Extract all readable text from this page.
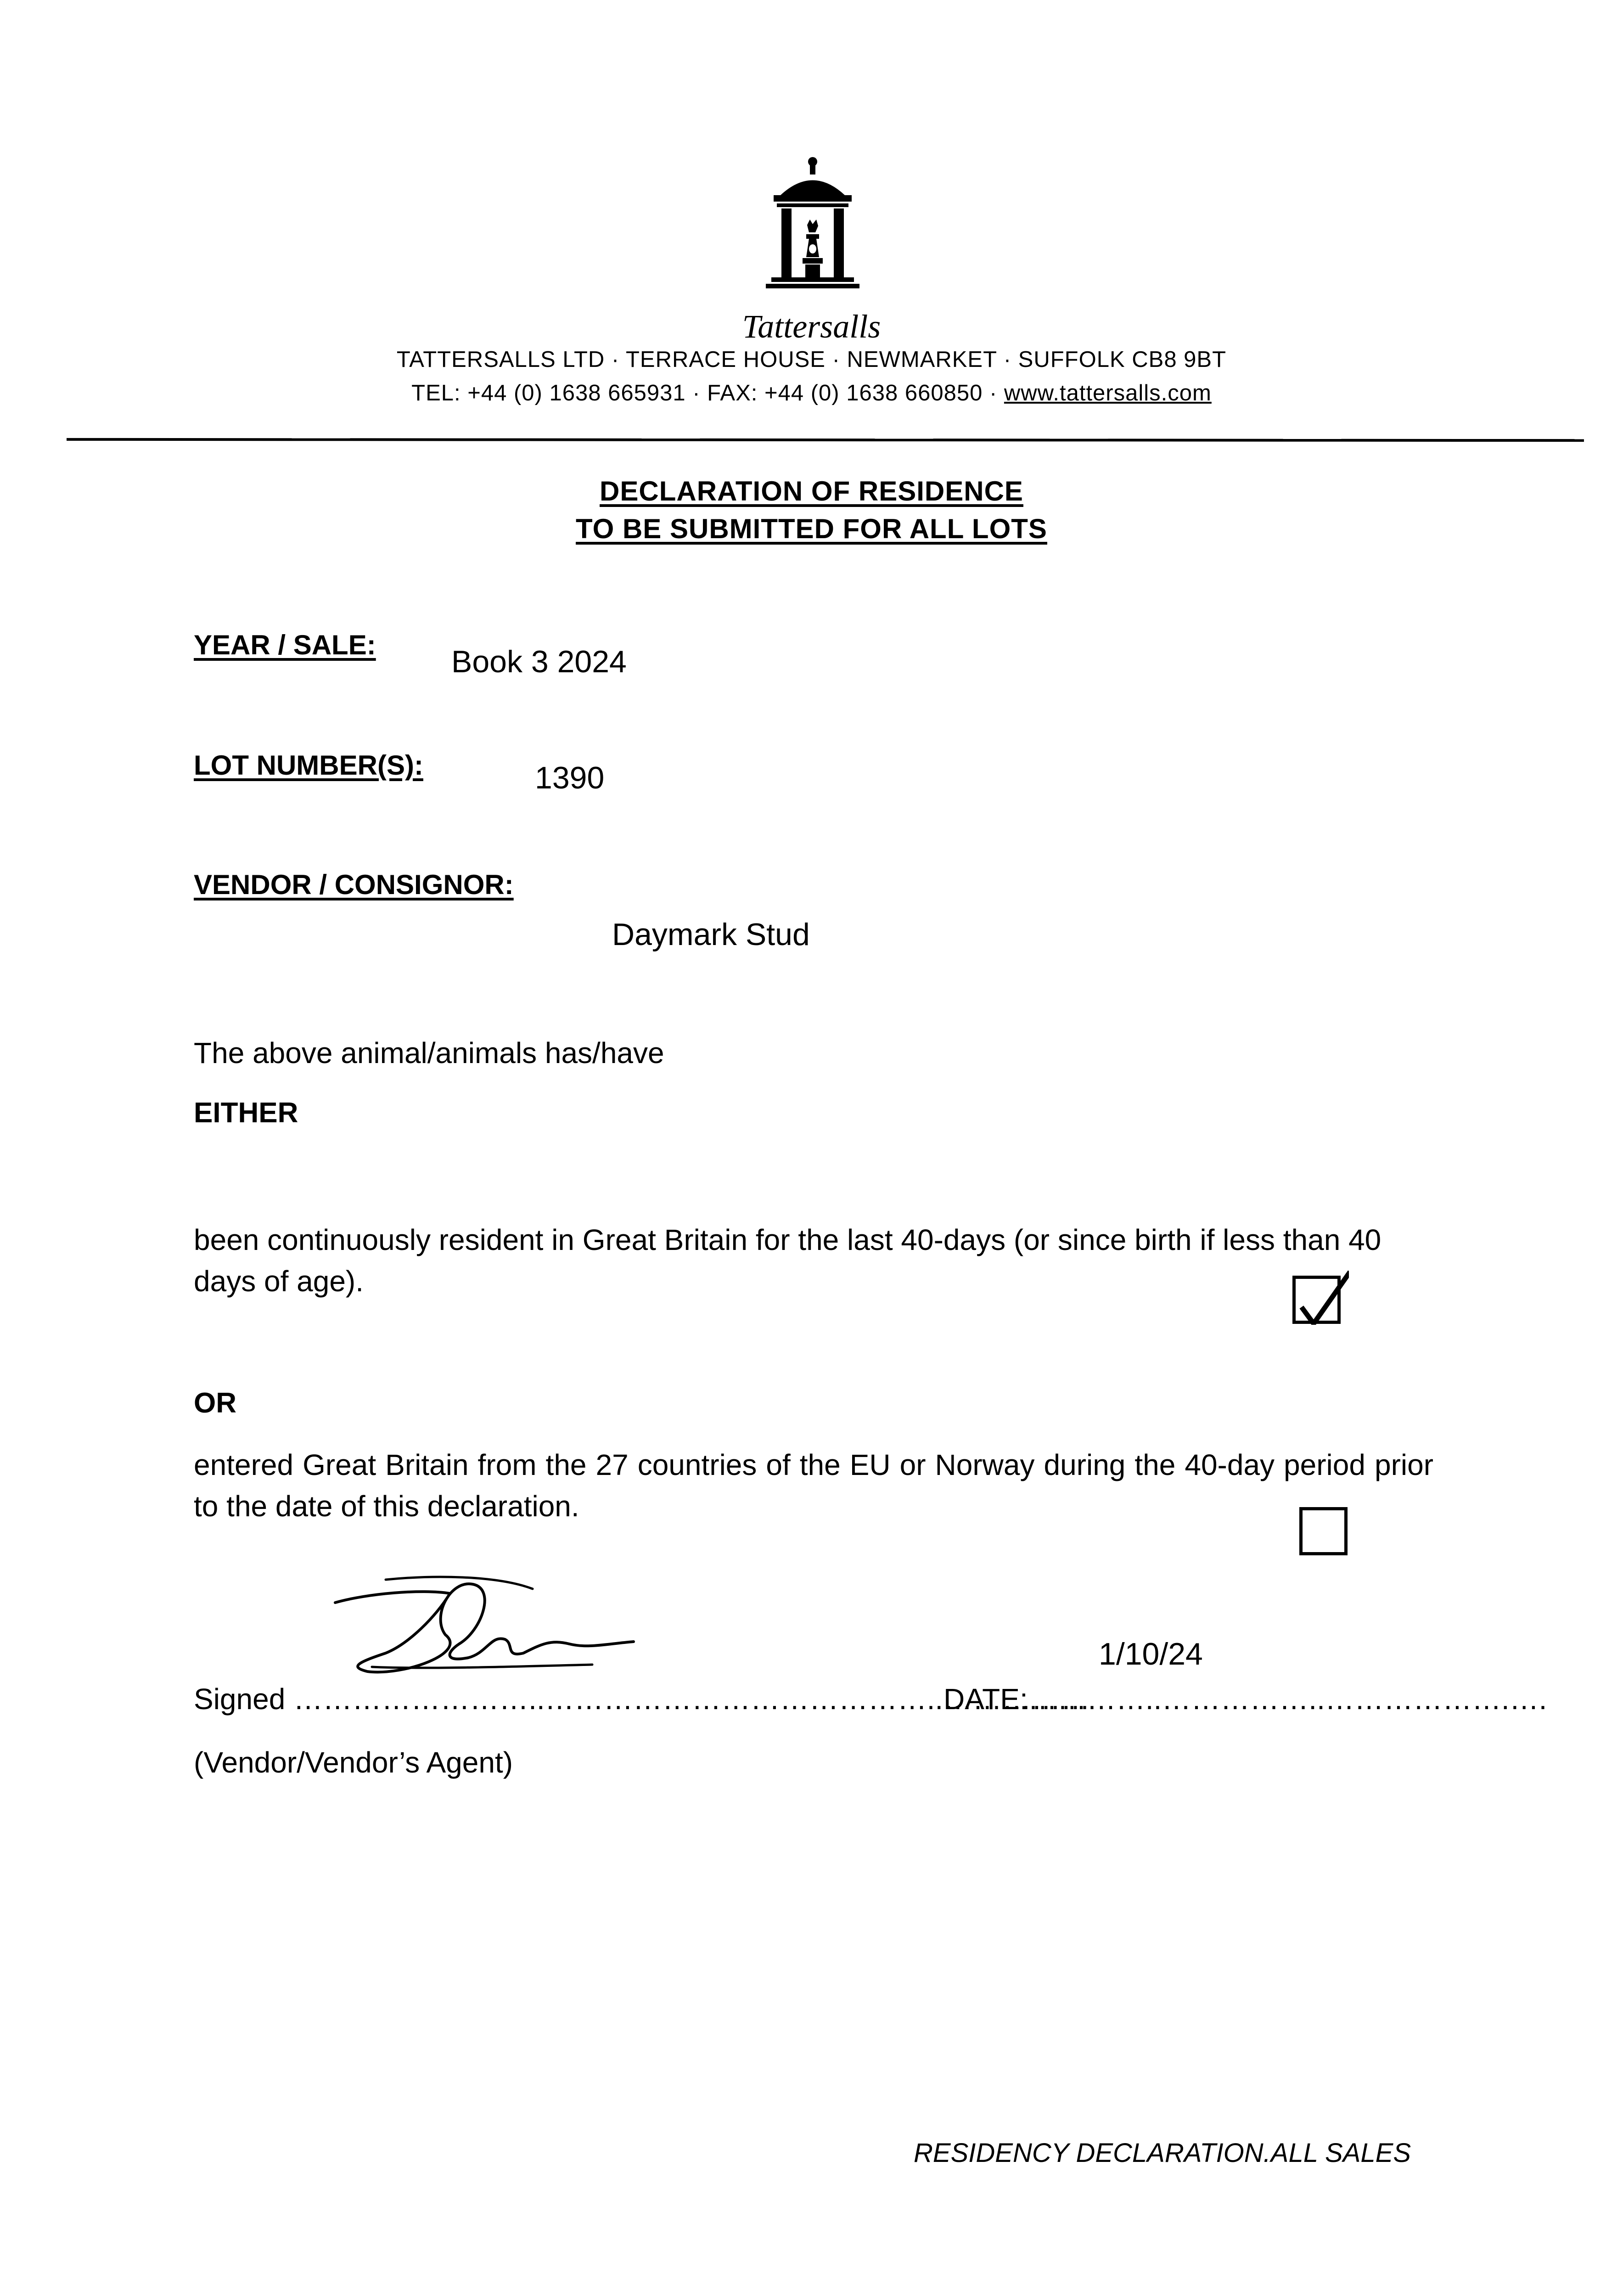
Tattersalls
TATTERSALLS LTD · TERRACE HOUSE · NEWMARKET · SUFFOLK CB8 9BT
TEL: +44 (0) 1638 665931 · FAX: +44 (0) 1638 660850 · www.tattersalls.com
DECLARATION OF RESIDENCE
TO BE SUBMITTED FOR ALL LOTS
YEAR / SALE: Book 3 2024
LOT NUMBER(S):	1390
VENDOR / CONSIGNOR:
Daymark Stud
The above animal/animals has/have
EITHER
been continuously resident in Great Britain for the last 40-days (or since birth if less than 40 days of age).
OR
entered Great Britain from the 27 countries of the EU or Norway during the 40-day period prior to the date of this declaration.
1/10/24
Signed ……………………..…………………………………..……………
DATE:…………..……………..……………….….
(Vendor/Vendor’s Agent)
RESIDENCY DECLARATION.ALL SALES
